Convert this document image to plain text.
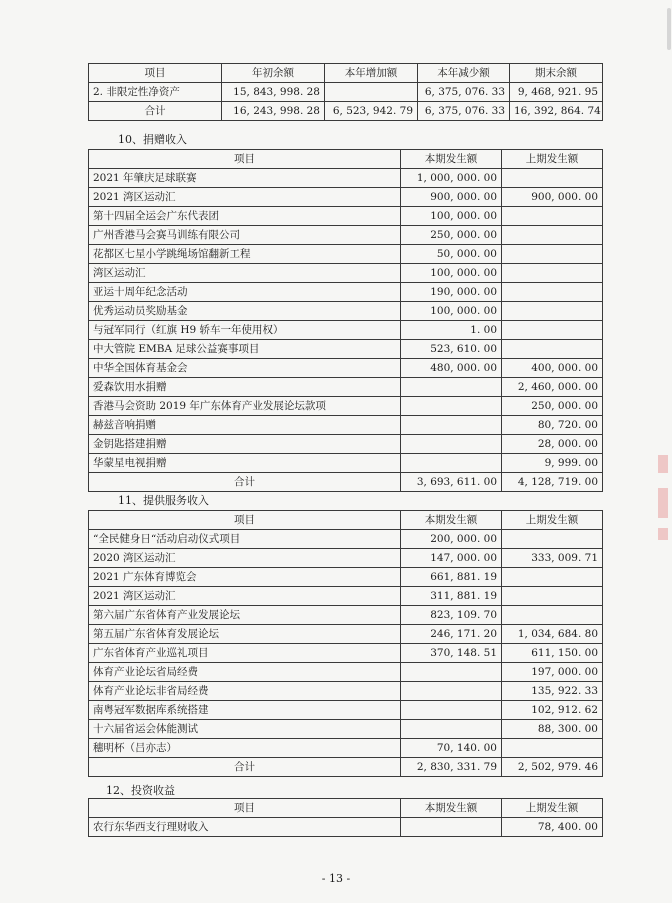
项目	年初余额	本年增加额	本年减少额	期末余额
2. 非限定性净资产	15, 843, 998. 28		6, 375, 076. 33	9, 468, 921. 95
合计	16, 243, 998. 28	6, 523, 942. 79	6, 375, 076. 33	16, 392, 864. 74
10、捐赠收入
项目	本期发生额	上期发生额
2021 年肇庆足球联赛	1, 000, 000. 00	
2021 湾区运动汇	900, 000. 00	900, 000. 00
第十四届全运会广东代表团	100, 000. 00	
广州香港马会赛马训练有限公司	250, 000. 00	
花都区七星小学跳绳场馆翻新工程	50, 000. 00	
湾区运动汇	100, 000. 00	
亚运十周年纪念活动	190, 000. 00	
优秀运动员奖励基金	100, 000. 00	
与冠军同行（红旗 H9 轿车一年使用权）	1. 00	
中大管院 EMBA 足球公益赛事项目	523, 610. 00	
中华全国体育基金会	480, 000. 00	400, 000. 00
爱森饮用水捐赠		2, 460, 000. 00
香港马会资助 2019 年广东体育产业发展论坛款项		250, 000. 00
赫兹音响捐赠		80, 720. 00
金钥匙搭建捐赠		28, 000. 00
华蒙星电视捐赠		9, 999. 00
合计	3, 693, 611. 00	4, 128, 719. 00
11、提供服务收入
项目	本期发生额	上期发生额
“全民健身日“活动启动仪式项目	200, 000. 00	
2020 湾区运动汇	147, 000. 00	333, 009. 71
2021 广东体育博览会	661, 881. 19	
2021 湾区运动汇	311, 881. 19	
第六届广东省体育产业发展论坛	823, 109. 70	
第五届广东省体育发展论坛	246, 171. 20	1, 034, 684. 80
广东省体育产业巡礼项目	370, 148. 51	611, 150. 00
体育产业论坛省局经费		197, 000. 00
体育产业论坛非省局经费		135, 922. 33
南粤冠军数据库系统搭建		102, 912. 62
十六届省运会体能测试		88, 300. 00
穗明杯（吕亦志）	70, 140. 00	
合计	2, 830, 331. 79	2, 502, 979. 46
12、投资收益
项目	本期发生额	上期发生额
农行东华西支行理财收入		78, 400. 00
- 13 -
